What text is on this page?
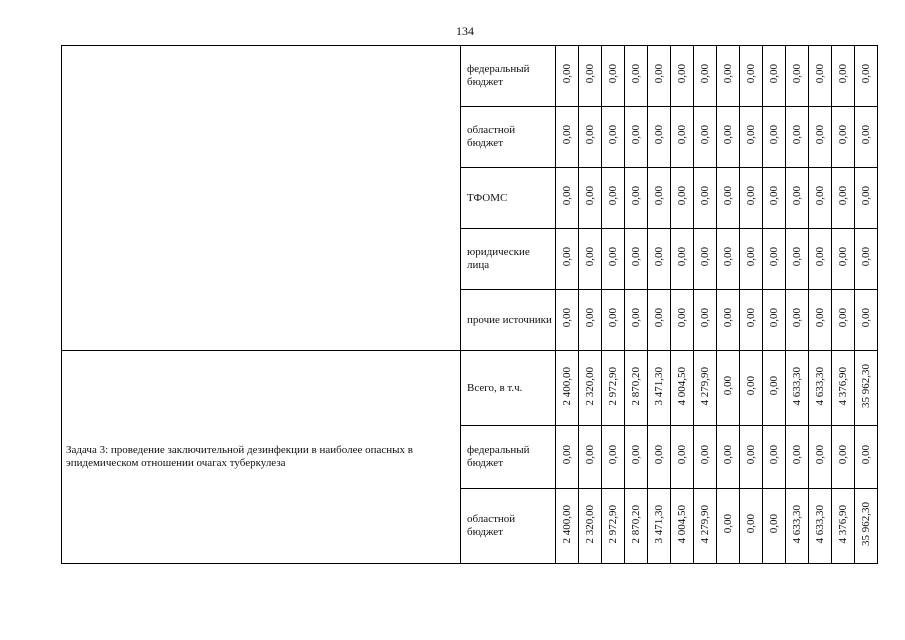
134
	федеральный бюджет	0,00	0,00	0,00	0,00	0,00	0,00	0,00	0,00	0,00	0,00	0,00	0,00	0,00	0,00
	областной бюджет	0,00	0,00	0,00	0,00	0,00	0,00	0,00	0,00	0,00	0,00	0,00	0,00	0,00	0,00
	ТФОМС	0,00	0,00	0,00	0,00	0,00	0,00	0,00	0,00	0,00	0,00	0,00	0,00	0,00	0,00
	юридические лица	0,00	0,00	0,00	0,00	0,00	0,00	0,00	0,00	0,00	0,00	0,00	0,00	0,00	0,00
	прочие источники	0,00	0,00	0,00	0,00	0,00	0,00	0,00	0,00	0,00	0,00	0,00	0,00	0,00	0,00
Задача 3: проведение заключительной дезинфекции в наиболее опасных в эпидемическом отношении очагах туберкулеза	Всего, в т.ч.	2 400,00	2 320,00	2 972,90	2 870,20	3 471,30	4 004,50	4 279,90	0,00	0,00	0,00	4 633,30	4 633,30	4 376,90	35 962,30
	федеральный бюджет	0,00	0,00	0,00	0,00	0,00	0,00	0,00	0,00	0,00	0,00	0,00	0,00	0,00	0,00
	областной бюджет	2 400,00	2 320,00	2 972,90	2 870,20	3 471,30	4 004,50	4 279,90	0,00	0,00	0,00	4 633,30	4 633,30	4 376,90	35 962,30
